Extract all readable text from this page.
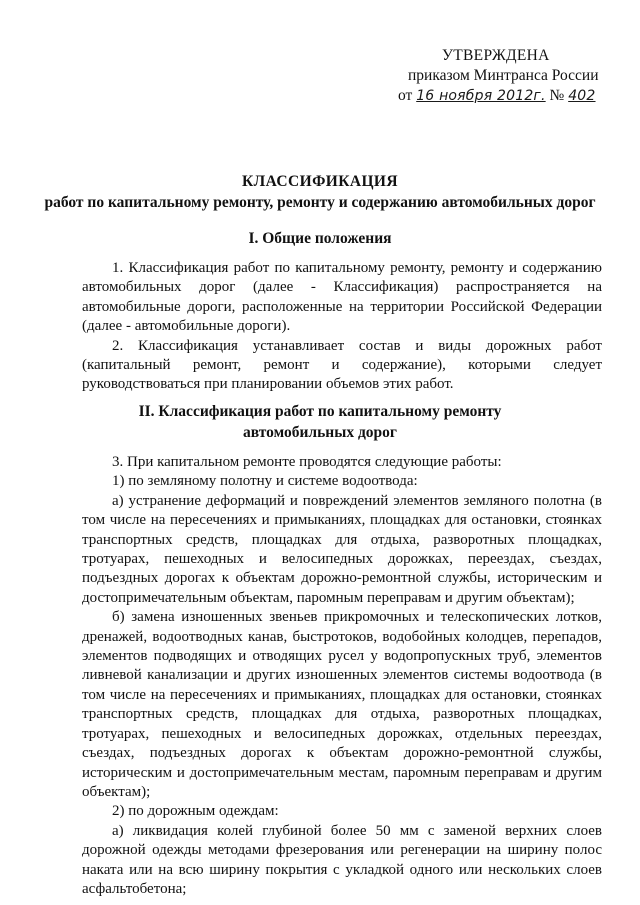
УТВЕРЖДЕНА
приказом Минтранса России
от 16 ноября 2012г. № 402
КЛАССИФИКАЦИЯ
работ по капитальному ремонту, ремонту и содержанию автомобильных дорог
I. Общие положения

1. Классификация работ по капитальному ремонту, ремонту и содержанию автомобильных дорог (далее - Классификация) распространяется на автомобильные дороги, расположенные на территории Российской Федерации (далее - автомобильные дороги).

2. Классификация устанавливает состав и виды дорожных работ (капитальный ремонт, ремонт и содержание), которыми следует руководствоваться при планировании объемов этих работ.

II. Классификация работ по капитальному ремонту
автомобильных дорог

3. При капитальном ремонте проводятся следующие работы:

1) по земляному полотну и системе водоотвода:

а) устранение деформаций и повреждений элементов земляного полотна (в том числе на пересечениях и примыканиях, площадках для остановки, стоянках транспортных средств, площадках для отдыха, разворотных площадках, тротуарах, пешеходных и велосипедных дорожках, переездах, съездах, подъездных дорогах к объектам дорожно-ремонтной службы, историческим и достопримечательным объектам, паромным переправам и другим объектам);

б) замена изношенных звеньев прикромочных и телескопических лотков, дренажей, водоотводных канав, быстротоков, водобойных колодцев, перепадов, элементов подводящих и отводящих русел у водопропускных труб, элементов ливневой канализации и других изношенных элементов системы водоотвода (в том числе на пересечениях и примыканиях, площадках для остановки, стоянках транспортных средств, площадках для отдыха, разворотных площадках, тротуарах, пешеходных и велосипедных дорожках, отдельных переездах, съездах, подъездных дорогах к объектам дорожно-ремонтной службы, историческим и достопримечательным местам, паромным переправам и другим объектам);

2) по дорожным одеждам:

а) ликвидация колей глубиной более 50 мм с заменой верхних слоев дорожной одежды методами фрезерования или регенерации на ширину полос наката или на всю ширину покрытия с укладкой одного или нескольких слоев асфальтобетона;
